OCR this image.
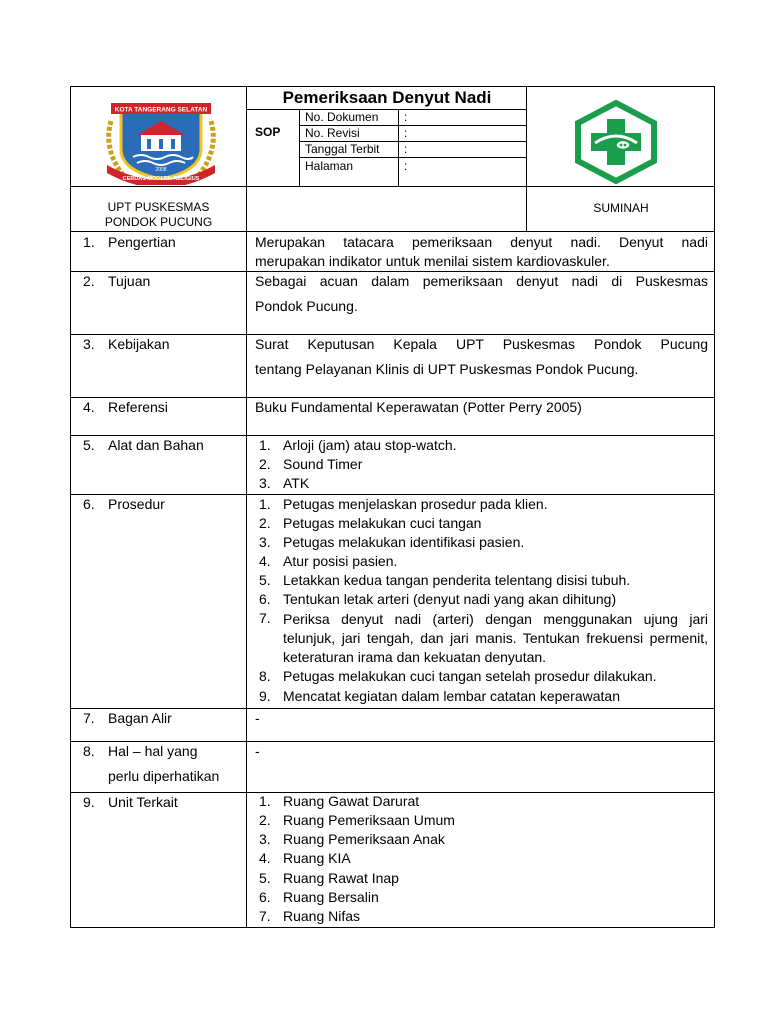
KOTA TANGERANG SELATAN
2008
CERDAS MODERN RELIGIUS
Pemeriksaan Denyut Nadi
SOP
No. Dokumen :
No. Revisi	:
Tanggal Terbit :
Halaman	:
UPT PUSKESMAS
PONDOK PUCUNG
SUMINAH
1. Pengertian	Merupakan tatacara pemeriksaan denyut nadi. Denyut nadi
merupakan indikator untuk menilai sistem kardiovaskuler.
2. Tujuan	Sebagai acuan dalam pemeriksaan denyut nadi di Puskesmas
Pondok Pucung.
3. Kebijakan	Surat Keputusan Kepala UPT Puskesmas Pondok Pucung
tentang Pelayanan Klinis di UPT Puskesmas Pondok Pucung.
4. Referensi	Buku Fundamental Keperawatan (Potter Perry 2005)
5. Alat dan Bahan	1. Arloji (jam) atau stop-watch.
2. Sound Timer
3. ATK
6. Prosedur	1. Petugas menjelaskan prosedur pada klien.
2. Petugas melakukan cuci tangan
3. Petugas melakukan identifikasi pasien.
4. Atur posisi pasien.
5. Letakkan kedua tangan penderita telentang disisi tubuh.
6. Tentukan letak arteri (denyut nadi yang akan dihitung)
7. Periksa denyut nadi (arteri) dengan menggunakan ujung jari telunjuk, jari tengah, dan jari manis. Tentukan frekuensi permenit, keteraturan irama dan kekuatan denyutan.
8. Petugas melakukan cuci tangan setelah prosedur dilakukan.
9. Mencatat kegiatan dalam lembar catatan keperawatan
7. Bagan Alir	-
8. Hal – hal yang
perlu diperhatikan
-
9. Unit Terkait	1. Ruang Gawat Darurat
2. Ruang Pemeriksaan Umum
3. Ruang Pemeriksaan Anak
4. Ruang KIA
5. Ruang Rawat Inap
6. Ruang Bersalin
7. Ruang Nifas
